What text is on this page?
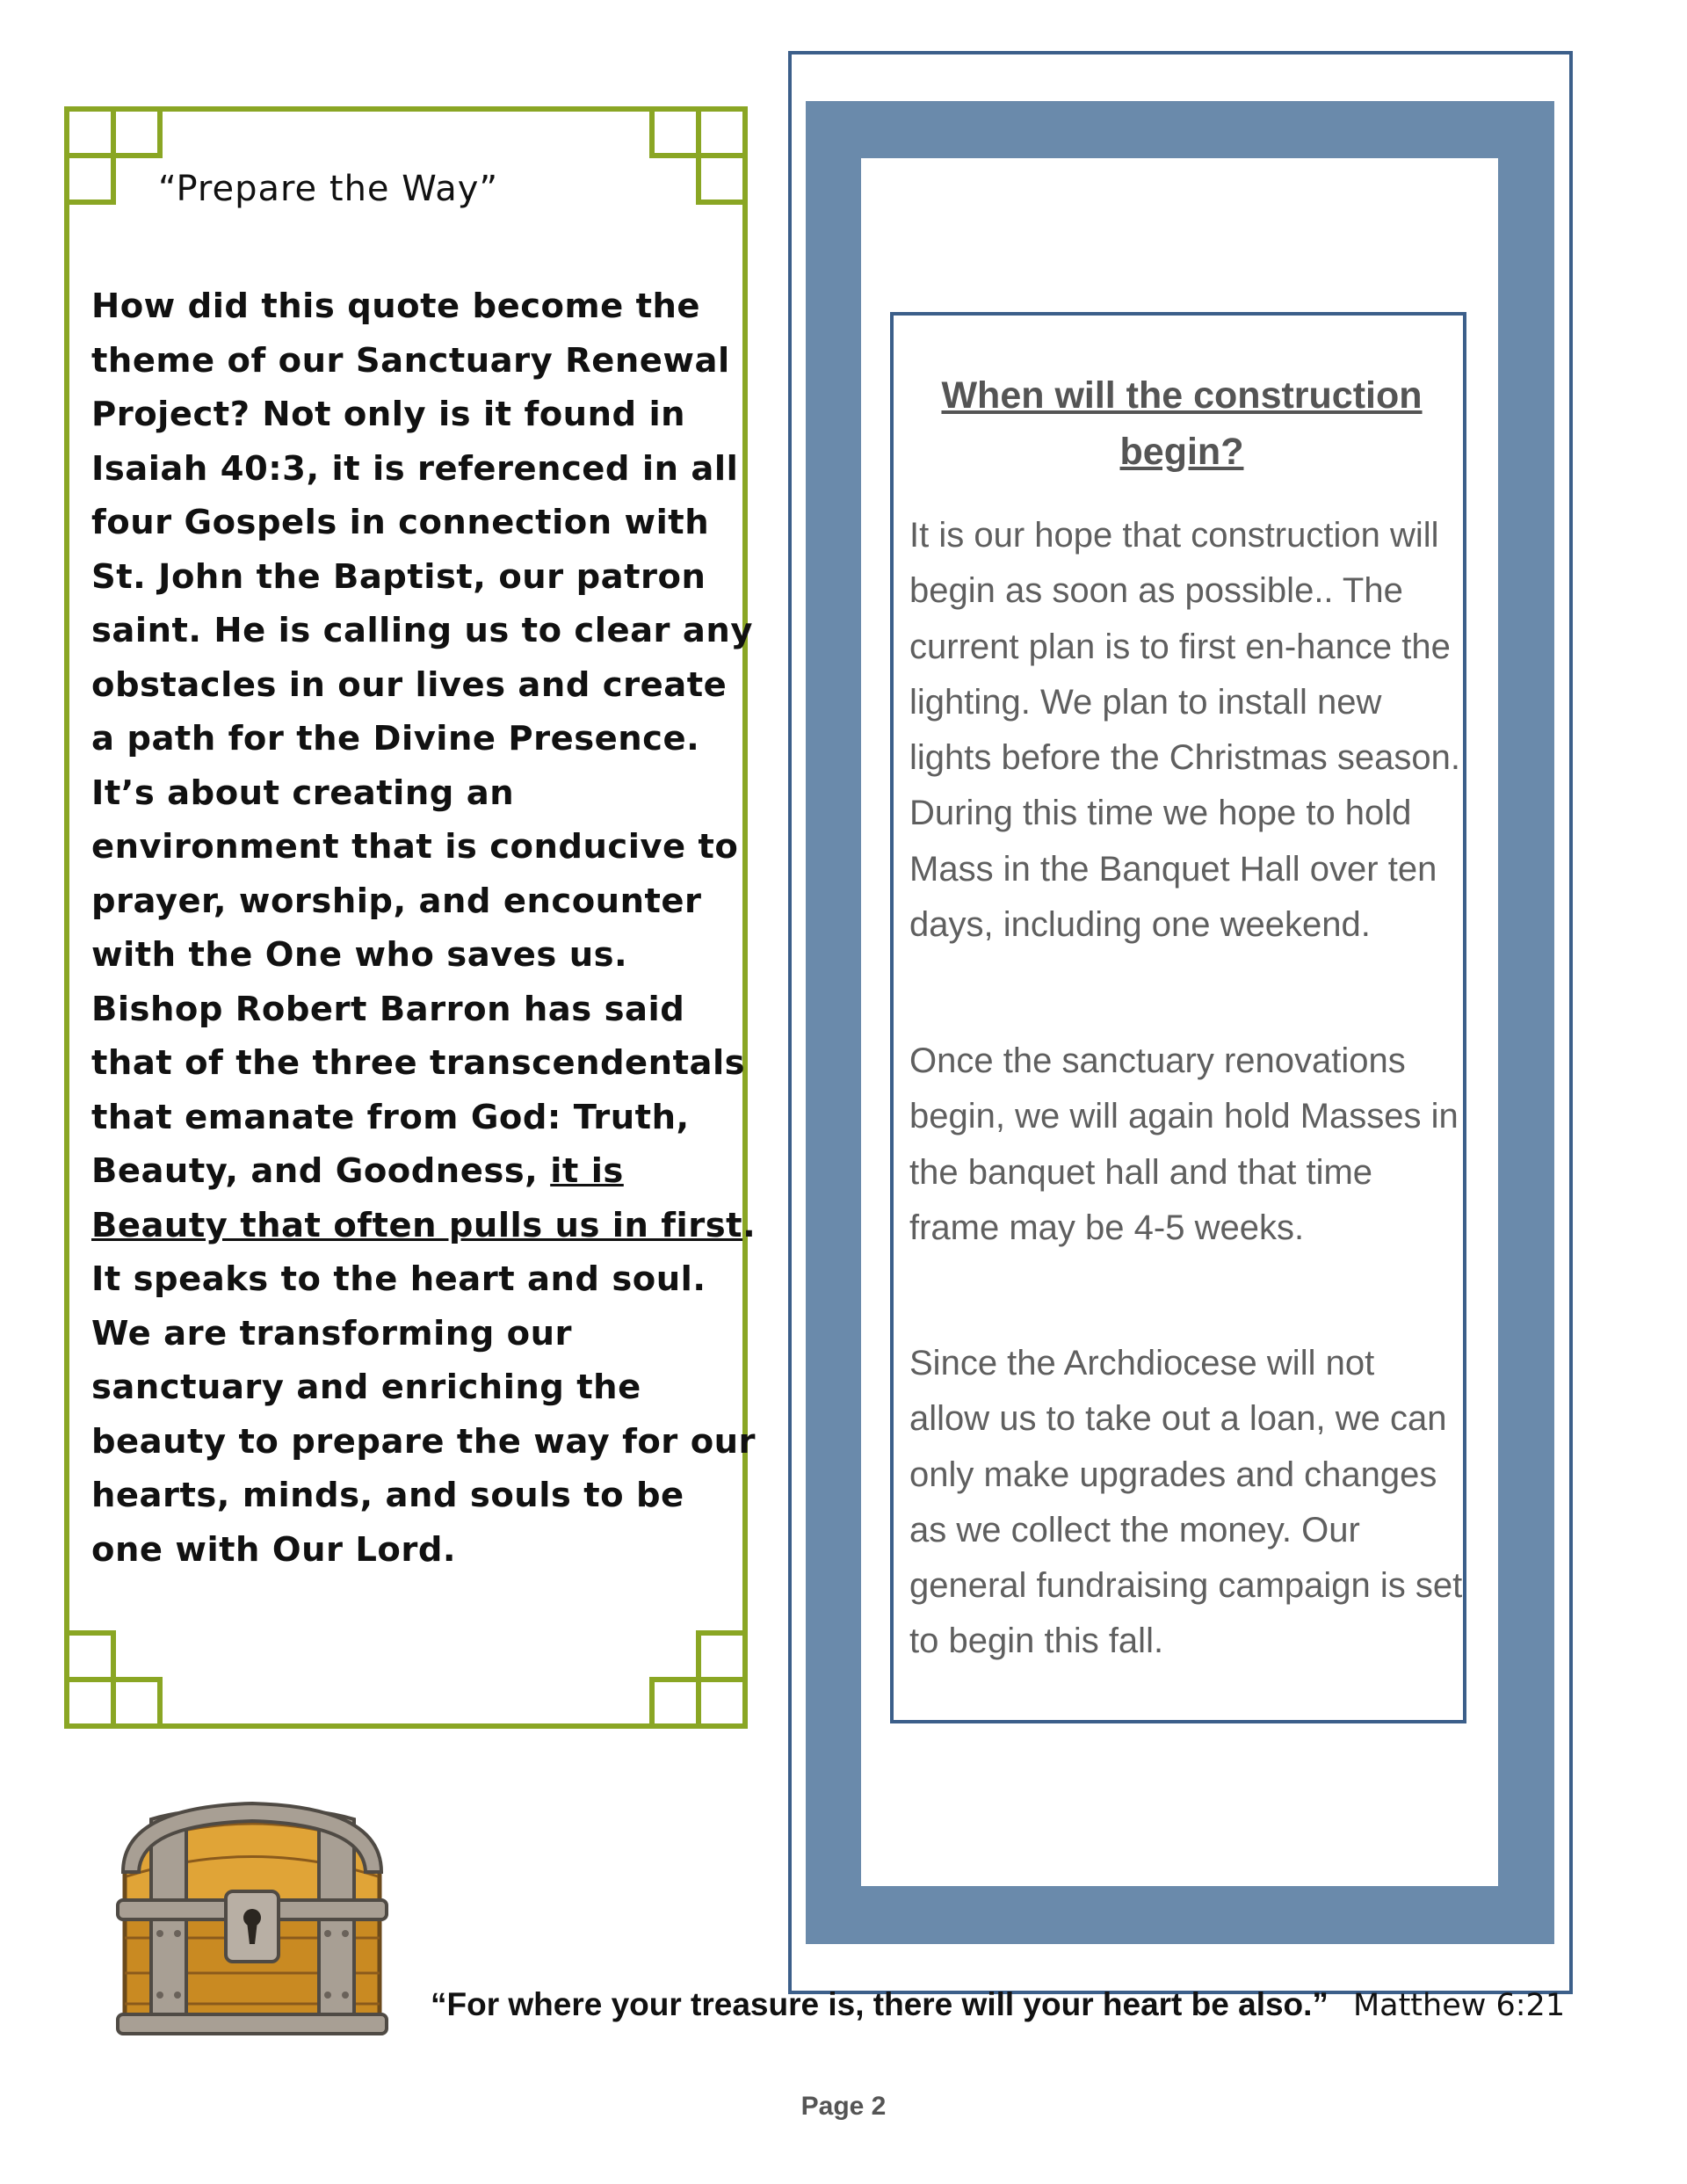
“Prepare the Way”
How did this quote become the theme of our Sanctuary Renewal Project? Not only is it found in Isaiah 40:3, it is referenced in all four Gospels in connection with St. John the Baptist, our patron saint. He is calling us to clear any obstacles in our lives and create a path for the Divine Presence. It’s about creating an environment that is conducive to prayer, worship, and encounter with the One who saves us. Bishop Robert Barron has said that of the three transcendentals that emanate from God: Truth, Beauty, and Goodness, it is Beauty that often pulls us in first. It speaks to the heart and soul. We are transforming our sanctuary and enriching the beauty to prepare the way for our hearts, minds, and souls to be one with Our Lord.
When will the construction begin?
It is our hope that construction will begin as soon as possible.. The current plan is to first en-hance the lighting. We plan to install new lights before the Christmas season. During this time we hope to hold Mass in the Banquet Hall over ten days, including one weekend.
Once the sanctuary renovations begin, we will again hold Masses in the banquet hall and that time frame may be 4-5 weeks.
Since the Archdiocese will not allow us to take out a loan, we can only make upgrades and changes as we collect the money. Our general fundraising campaign is set to begin this fall.
“For where your treasure is, there will your heart be also.” Matthew 6:21
Page 2
